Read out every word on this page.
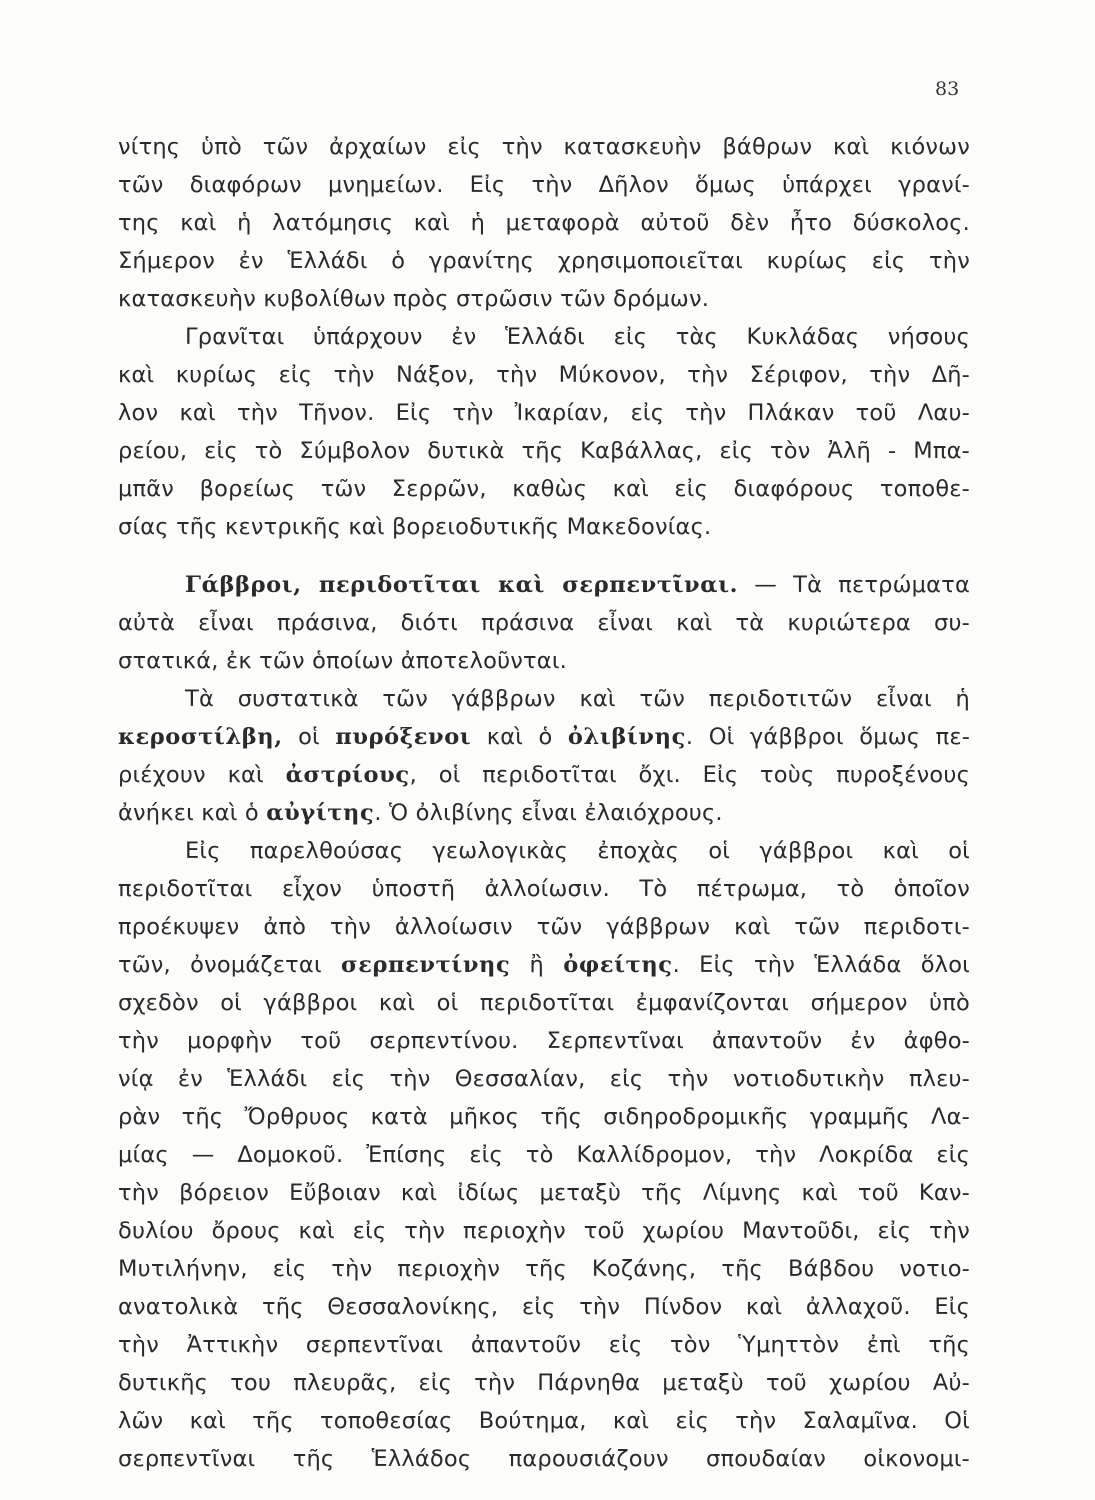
83
νίτης ὑπὸ τῶν ἀρχαίων εἰς τὴν κατασκευὴν βάθρων καὶ κιόνων
τῶν διαφόρων μνημείων. Εἰς τὴν Δῆλον ὅμως ὑπάρχει γρανί-
της καὶ ἡ λατόμησις καὶ ἡ μεταφορὰ αὐτοῦ δὲν ἦτο δύσκολος.
Σήμερον ἐν Ἑλλάδι ὁ γρανίτης χρησιμοποιεῖται κυρίως εἰς τὴν
κατασκευὴν κυβολίθων πρὸς στρῶσιν τῶν δρόμων.
Γρανῖται ὑπάρχουν ἐν Ἑλλάδι εἰς τὰς Κυκλάδας νήσους
καὶ κυρίως εἰς τὴν Νάξον, τὴν Μύκονον, τὴν Σέριφον, τὴν Δῆ-
λον καὶ τὴν Τῆνον. Εἰς τὴν Ἰκαρίαν, εἰς τὴν Πλάκαν τοῦ Λαυ-
ρείου, εἰς τὸ Σύμβολον δυτικὰ τῆς Καβάλλας, εἰς τὸν Ἀλῆ - Μπα-
μπᾶν βορείως τῶν Σερρῶν, καθὼς καὶ εἰς διαφόρους τοποθε-
σίας τῆς κεντρικῆς καὶ βορειοδυτικῆς Μακεδονίας.
Γάββροι, περιδοτῖται καὶ σερπεντῖναι. — Τὰ πετρώματα
αὐτὰ εἶναι πράσινα, διότι πράσινα εἶναι καὶ τὰ κυριώτερα συ-
στατικά, ἐκ τῶν ὁποίων ἀποτελοῦνται.
Τὰ συστατικὰ τῶν γάββρων καὶ τῶν περιδοτιτῶν εἶναι ἡ
κεροστίλβη, οἱ πυρόξενοι καὶ ὁ ὀλιβίνης. Οἱ γάββροι ὅμως πε-
ριέχουν καὶ ἀστρίους, οἱ περιδοτῖται ὄχι. Εἰς τοὺς πυροξένους
ἀνήκει καὶ ὁ αὐγίτης. Ὁ ὀλιβίνης εἶναι ἐλαιόχρους.
Εἰς παρελθούσας γεωλογικὰς ἐποχὰς οἱ γάββροι καὶ οἱ
περιδοτῖται εἶχον ὑποστῆ ἀλλοίωσιν. Τὸ πέτρωμα, τὸ ὁποῖον
προέκυψεν ἀπὸ τὴν ἀλλοίωσιν τῶν γάββρων καὶ τῶν περιδοτι-
τῶν, ὀνομάζεται σερπεντίνης ἢ ὀφείτης. Εἰς τὴν Ἑλλάδα ὅλοι
σχεδὸν οἱ γάββροι καὶ οἱ περιδοτῖται ἐμφανίζονται σήμερον ὑπὸ
τὴν μορφὴν τοῦ σερπεντίνου. Σερπεντῖναι ἀπαντοῦν ἐν ἀφθο-
νίᾳ ἐν Ἑλλάδι εἰς τὴν Θεσσαλίαν, εἰς τὴν νοτιοδυτικὴν πλευ-
ρὰν τῆς Ὄρθρυος κατὰ μῆκος τῆς σιδηροδρομικῆς γραμμῆς Λα-
μίας — Δομοκοῦ. Ἐπίσης εἰς τὸ Καλλίδρομον, τὴν Λοκρίδα εἰς
τὴν βόρειον Εὔβοιαν καὶ ἰδίως μεταξὺ τῆς Λίμνης καὶ τοῦ Καν-
δυλίου ὄρους καὶ εἰς τὴν περιοχὴν τοῦ χωρίου Μαντοῦδι, εἰς τὴν
Μυτιλήνην, εἰς τὴν περιοχὴν τῆς Κοζάνης, τῆς Βάβδου νοτιο-
ανατολικὰ τῆς Θεσσαλονίκης, εἰς τὴν Πίνδον καὶ ἀλλαχοῦ. Εἰς
τὴν Ἀττικὴν σερπεντῖναι ἀπαντοῦν εἰς τὸν Ὑμηττὸν ἐπὶ τῆς
δυτικῆς του πλευρᾶς, εἰς τὴν Πάρνηθα μεταξὺ τοῦ χωρίου Αὐ-
λῶν καὶ τῆς τοποθεσίας Βούτημα, καὶ εἰς τὴν Σαλαμῖνα. Οἱ
σερπεντῖναι τῆς Ἑλλάδος παρουσιάζουν σπουδαίαν οἰκονομι-
